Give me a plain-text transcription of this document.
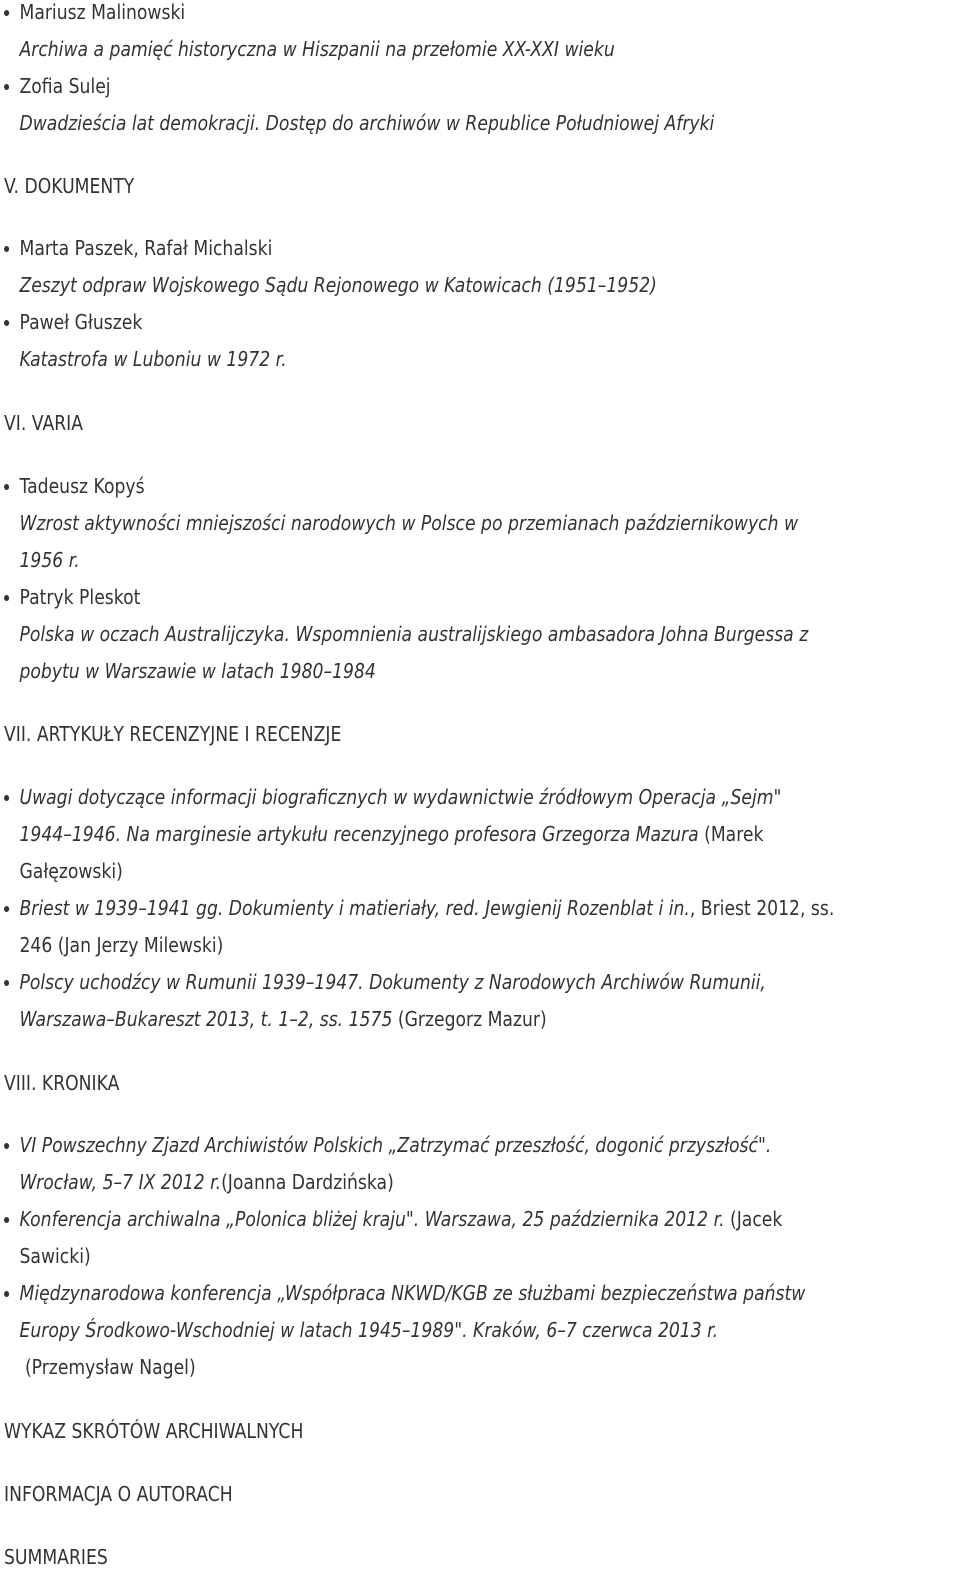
Mariusz Malinowski
Archiwa a pamięć historyczna w Hiszpanii na przełomie XX-XXI wieku
Zofia Sulej
Dwadzieścia lat demokracji. Dostęp do archiwów w Republice Południowej Afryki
V. DOKUMENTY
Marta Paszek, Rafał Michalski
Zeszyt odpraw Wojskowego Sądu Rejonowego w Katowicach (1951–1952)
Paweł Głuszek
Katastrofa w Luboniu w 1972 r.
VI. VARIA
Tadeusz Kopyś
Wzrost aktywności mniejszości narodowych w Polsce po przemianach październikowych w
1956 r.
Patryk Pleskot
Polska w oczach Australijczyka. Wspomnienia australijskiego ambasadora Johna Burgessa z
pobytu w Warszawie w latach 1980–1984
VII. ARTYKUŁY RECENZYJNE I RECENZJE
Uwagi dotyczące informacji biograficznych w wydawnictwie źródłowym Operacja „Sejm"
1944–1946. Na marginesie artykułu recenzyjnego profesora Grzegorza Mazura (Marek
Gałęzowski)
Briest w 1939–1941 gg. Dokumienty i matieriały, red. Jewgienij Rozenblat i in., Briest 2012, ss.
246 (Jan Jerzy Milewski)
Polscy uchodźcy w Rumunii 1939–1947. Dokumenty z Narodowych Archiwów Rumunii,
Warszawa–Bukareszt 2013, t. 1–2, ss. 1575 (Grzegorz Mazur)
VIII. KRONIKA
VI Powszechny Zjazd Archiwistów Polskich „Zatrzymać przeszłość, dogonić przyszłość".
Wrocław, 5–7 IX 2012 r.(Joanna Dardzińska)
Konferencja archiwalna „Polonica bliżej kraju". Warszawa, 25 października 2012 r. (Jacek
Sawicki)
Międzynarodowa konferencja „Współpraca NKWD/KGB ze służbami bezpieczeństwa państw
Europy Środkowo-Wschodniej w latach 1945–1989". Kraków, 6–7 czerwca 2013 r.
(Przemysław Nagel)
WYKAZ SKRÓTÓW ARCHIWALNYCH
INFORMACJA O AUTORACH
SUMMARIES
